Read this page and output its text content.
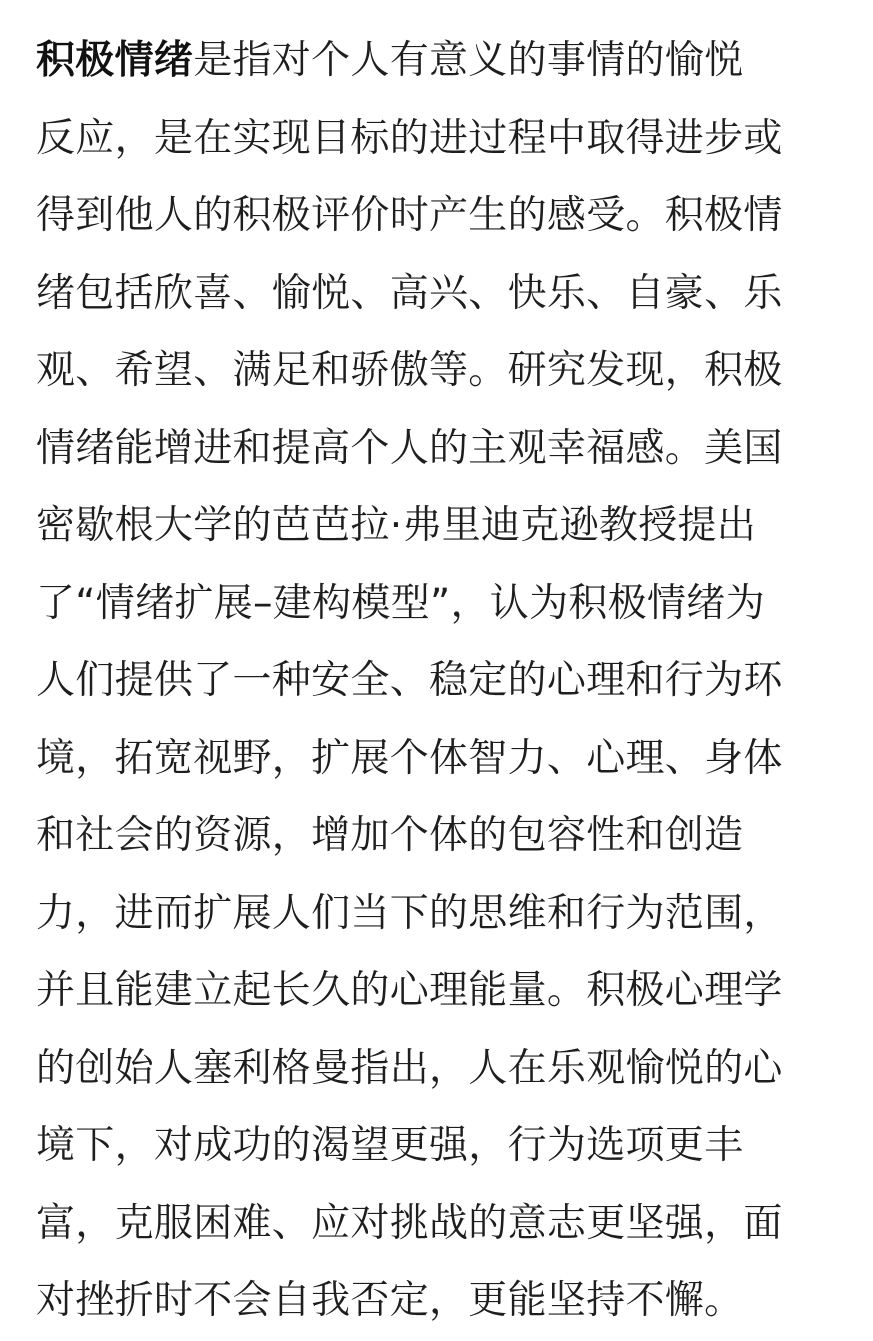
积极情绪是指对个人有意义的事情的愉悦
反应，是在实现目标的进过程中取得进步或
得到他人的积极评价时产生的感受。积极情
绪包括欣喜、愉悦、高兴、快乐、自豪、乐
观、希望、满足和骄傲等。研究发现，积极
情绪能增进和提高个人的主观幸福感。美国
密歇根大学的芭芭拉·弗里迪克逊教授提出
了“情绪扩展–建构模型”，认为积极情绪为
人们提供了一种安全、稳定的心理和行为环
境，拓宽视野，扩展个体智力、心理、身体
和社会的资源，增加个体的包容性和创造
力，进而扩展人们当下的思维和行为范围，
并且能建立起长久的心理能量。积极心理学
的创始人塞利格曼指出，人在乐观愉悦的心
境下，对成功的渴望更强，行为选项更丰
富，克服困难、应对挑战的意志更坚强，面
对挫折时不会自我否定，更能坚持不懈。
